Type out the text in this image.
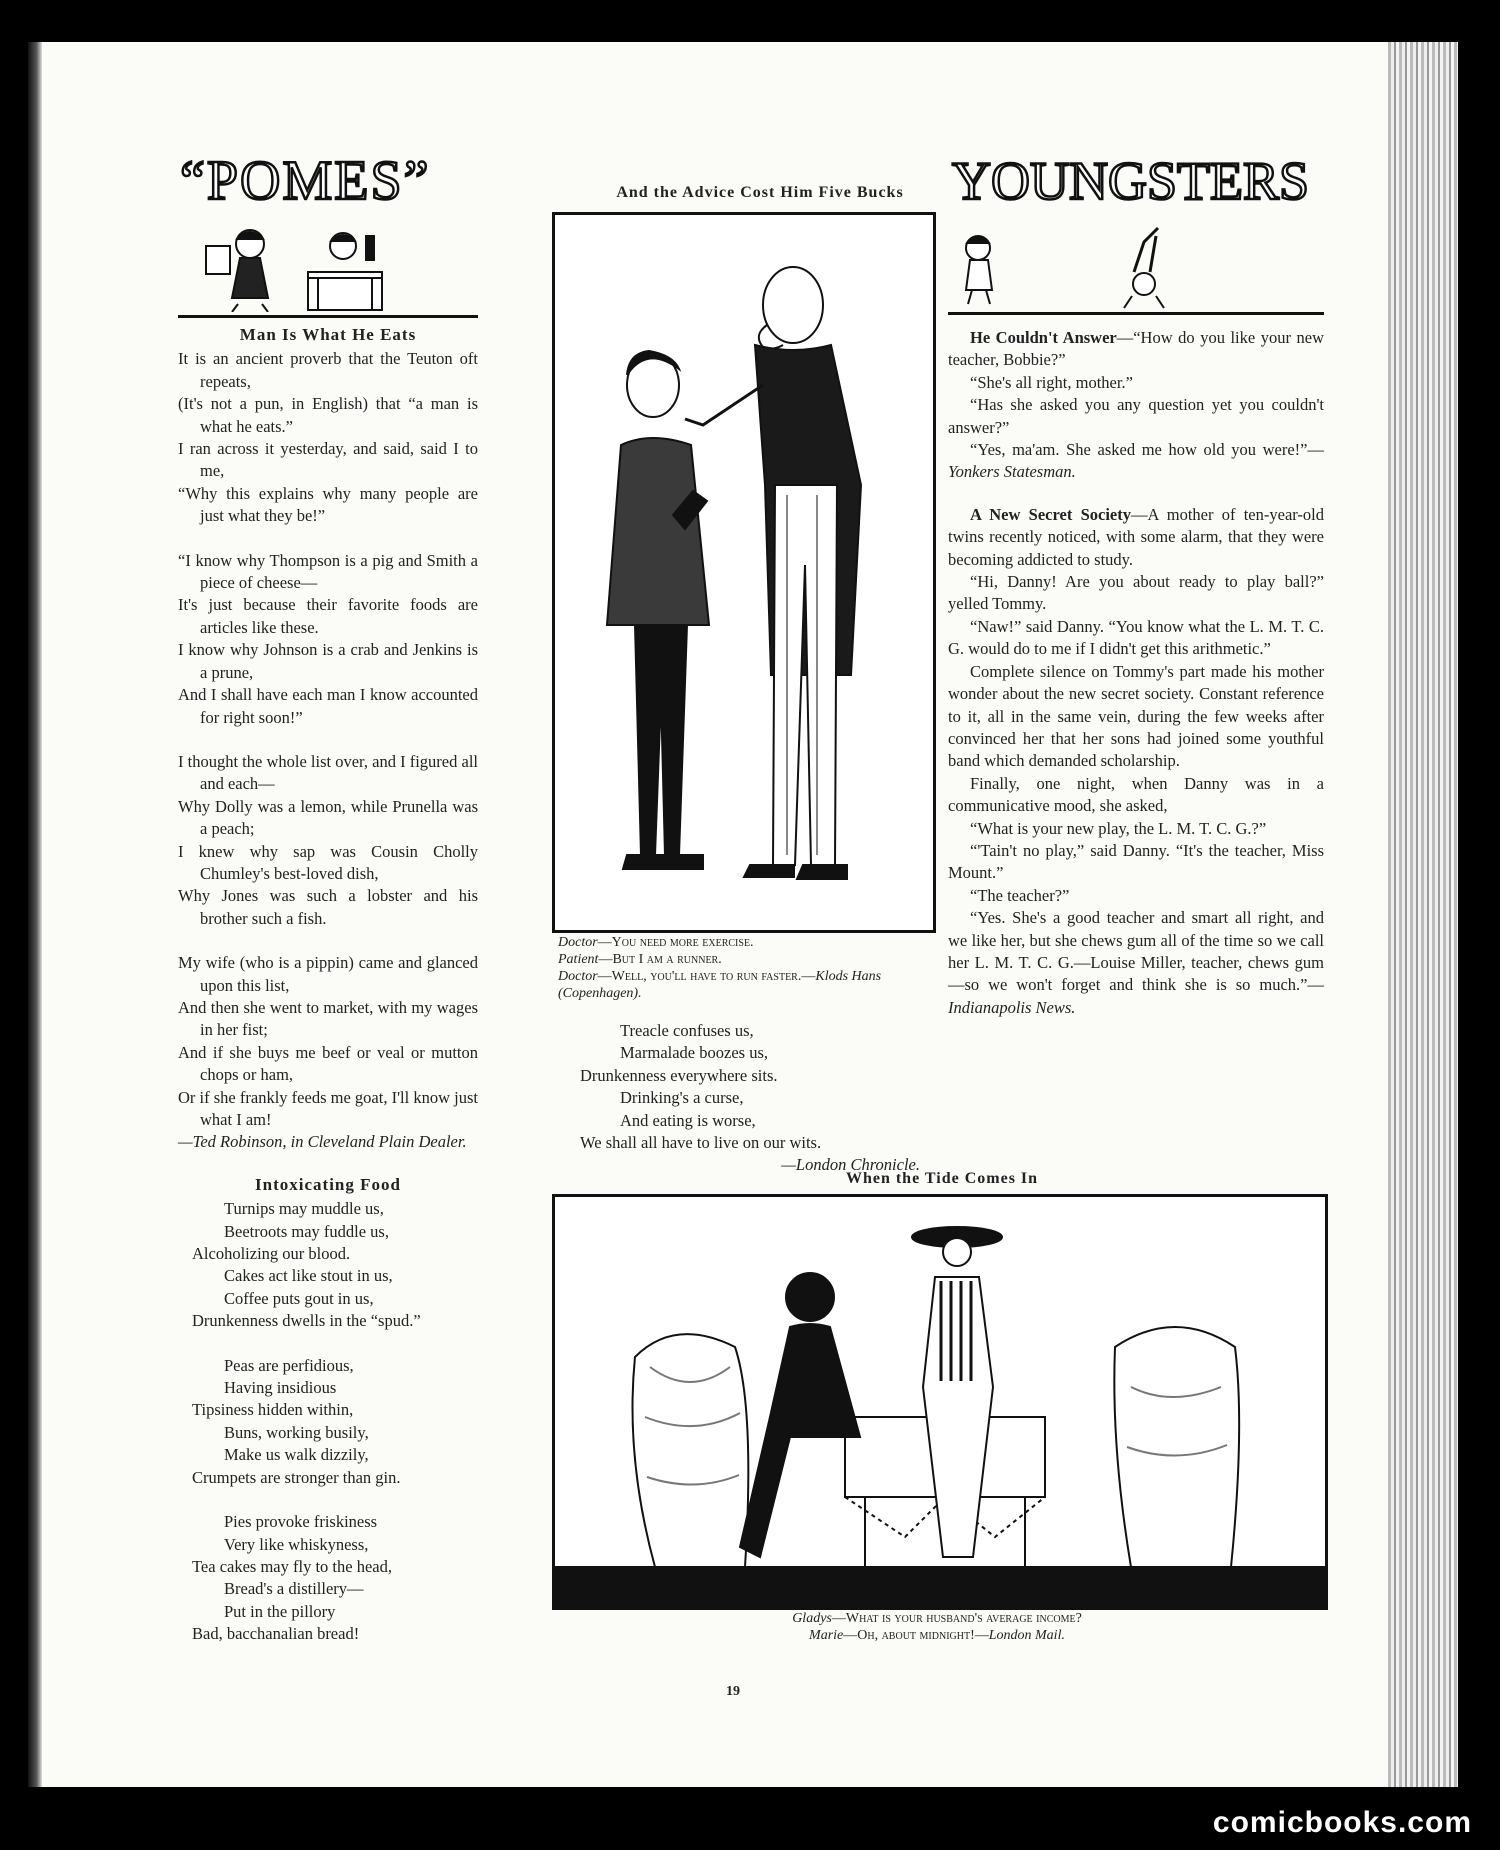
“POMES”
Man Is What He Eats
It is an ancient proverb that the Teuton oft repeats,
(It's not a pun, in English) that “a man is what he eats.”
I ran across it yesterday, and said, said I to me,
“Why this explains why many people are just what they be!”
“I know why Thompson is a pig and Smith a piece of cheese—
It's just because their favorite foods are articles like these.
I know why Johnson is a crab and Jenkins is a prune,
And I shall have each man I know accounted for right soon!”
I thought the whole list over, and I figured all and each—
Why Dolly was a lemon, while Prunella was a peach;
I knew why sap was Cousin Cholly Chumley's best-loved dish,
Why Jones was such a lobster and his brother such a fish.
My wife (who is a pippin) came and glanced upon this list,
And then she went to market, with my wages in her fist;
And if she buys me beef or veal or mutton chops or ham,
Or if she frankly feeds me goat, I'll know just what I am!
—Ted Robinson, in Cleveland Plain Dealer.
Intoxicating Food
Turnips may muddle us,
Beetroots may fuddle us,
Alcoholizing our blood.
Cakes act like stout in us,
Coffee puts gout in us,
Drunkenness dwells in the “spud.”
Peas are perfidious,
Having insidious
Tipsiness hidden within,
Buns, working busily,
Make us walk dizzily,
Crumpets are stronger than gin.
Pies provoke friskiness
Very like whiskyness,
Tea cakes may fly to the head,
Bread's a distillery—
Put in the pillory
Bad, bacchanalian bread!
And the Advice Cost Him Five Bucks
Doctor—You need more exercise.
Patient—But I am a runner.
Doctor—Well, you'll have to run faster.—Klods Hans (Copenhagen).
Treacle confuses us,
Marmalade boozes us,
Drunkenness everywhere sits.
Drinking's a curse,
And eating is worse,
We shall all have to live on our wits.
—London Chronicle.
YOUNGSTERS

He Couldn't Answer—“How do you like your new teacher, Bobbie?”

“She's all right, mother.”

“Has she asked you any question yet you couldn't answer?”

“Yes, ma'am. She asked me how old you were!”—Yonkers Statesman.

A New Secret Society—A mother of ten-year-old twins recently noticed, with some alarm, that they were becoming addicted to study.

“Hi, Danny! Are you about ready to play ball?” yelled Tommy.

“Naw!” said Danny. “You know what the L. M. T. C. G. would do to me if I didn't get this arithmetic.”

Complete silence on Tommy's part made his mother wonder about the new secret society. Constant reference to it, all in the same vein, during the few weeks after convinced her that her sons had joined some youthful band which demanded scholarship.

Finally, one night, when Danny was in a communicative mood, she asked,

“What is your new play, the L. M. T. C. G.?”

“'Tain't no play,” said Danny. “It's the teacher, Miss Mount.”

“The teacher?”

“Yes. She's a good teacher and smart all right, and we like her, but she chews gum all of the time so we call her L. M. T. C. G.—Louise Miller, teacher, chews gum—so we won't forget and think she is so much.”—Indianapolis News.

When the Tide Comes In
Gladys—What is your husband's average income?
Marie—Oh, about midnight!—London Mail.
19
comicbooks.com
